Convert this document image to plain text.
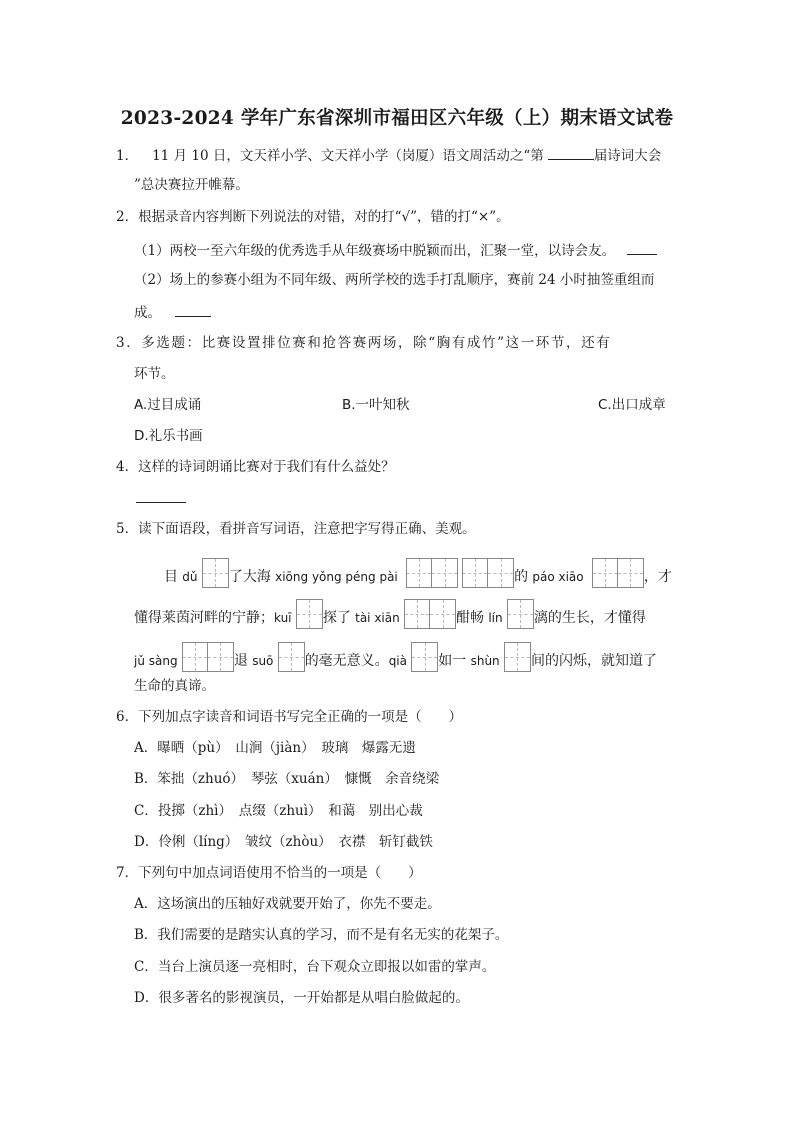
2023-2024 学年广东省深圳市福田区六年级（上）期末语文试卷
1． 11 月 10 日，文天祥小学、文天祥小学（岗厦）语文周活动之“第	届诗词大会
”总决赛拉开帷幕。
2．根据录音内容判断下列说法的对错，对的打“√”，错的打“×”。
（1）两校一至六年级的优秀选手从年级赛场中脱颖而出，汇聚一堂，以诗会友。
（2）场上的参赛小组为不同年级、两所学校的选手打乱顺序，赛前 24 小时抽签重组而
成。
3．多选题：比赛设置排位赛和抢答赛两场，除“胸有成竹”这一环节，还有
环节。
A.过目成诵	B.一叶知秋	C.出口成章
D.礼乐书画
4．这样的诗词朗诵比赛对于我们有什么益处？
5．读下面语段，看拼音写词语，注意把字写得正确、美观。
目 dǔ 了大海 xiōng yǒng péng pài	的 páo xiāo	，才
懂得莱茵河畔的宁静；kuī 探了 tài xiān	酣畅 lín 漓的生长，才懂得
jǔ sàng	退 suō 的毫无意义。qià 如一 shùn 间的闪烁，就知道了
生命的真谛。
6．下列加点字读音和词语书写完全正确的一项是（　　）
A．曝晒（pù）　山涧（jiàn）　玻璃　爆露无遗
B．笨拙（zhuó）　琴弦（xuán）　慷慨　余音绕梁
C．投掷（zhì）　点缀（zhuì）　和蔼　别出心裁
D．伶俐（líng）　皱纹（zhòu）　衣襟　斩钉截铁
7．下列句中加点词语使用不恰当的一项是（　　）
A．这场演出的压轴好戏就要开始了，你先不要走。
B．我们需要的是踏实认真的学习，而不是有名无实的花架子。
C．当台上演员逐一亮相时，台下观众立即报以如雷的掌声。
D．很多著名的影视演员，一开始都是从唱白脸做起的。
